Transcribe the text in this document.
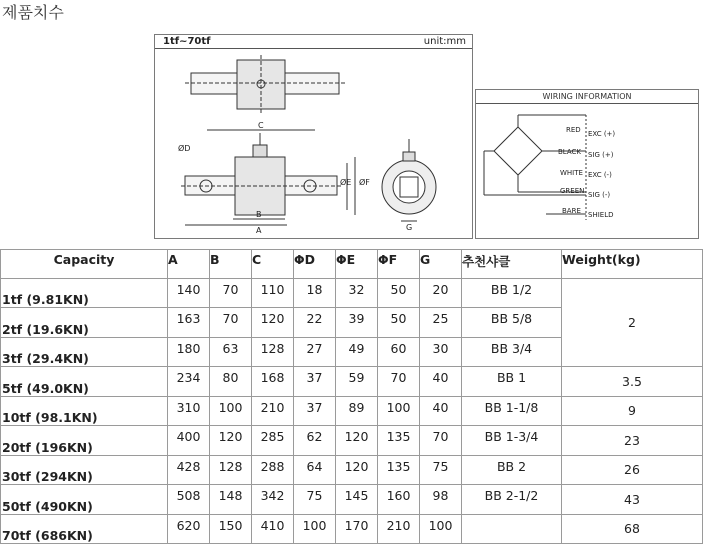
제품치수
1tf~70tf	unit:mm
C
ØD
B
A
ØE ØF
G
WIRING INFORMATION
RED EXC (+)
BLACK SIG (+)
WHITE EXC (-)
GREEN SIG (-)
BARE SHIELD
Capacity	A	B	C	ΦD	ΦE	ΦF	G	추천샤클	Weight(kg)
1tf (9.81KN)	140	70	110	18	32	50	20	BB 1/2	2
2tf (19.6KN)	163	70	120	22	39	50	25	BB 5/8	
3tf (29.4KN)	180	63	128	27	49	60	30	BB 3/4	
5tf (49.0KN)	234	80	168	37	59	70	40	BB 1	3.5
10tf (98.1KN)	310	100	210	37	89	100	40	BB 1-1/8	9
20tf (196KN)	400	120	285	62	120	135	70	BB 1-3/4	23
30tf (294KN)	428	128	288	64	120	135	75	BB 2	26
50tf (490KN)	508	148	342	75	145	160	98	BB 2-1/2	43
70tf (686KN)	620	150	410	100	170	210	100		68
